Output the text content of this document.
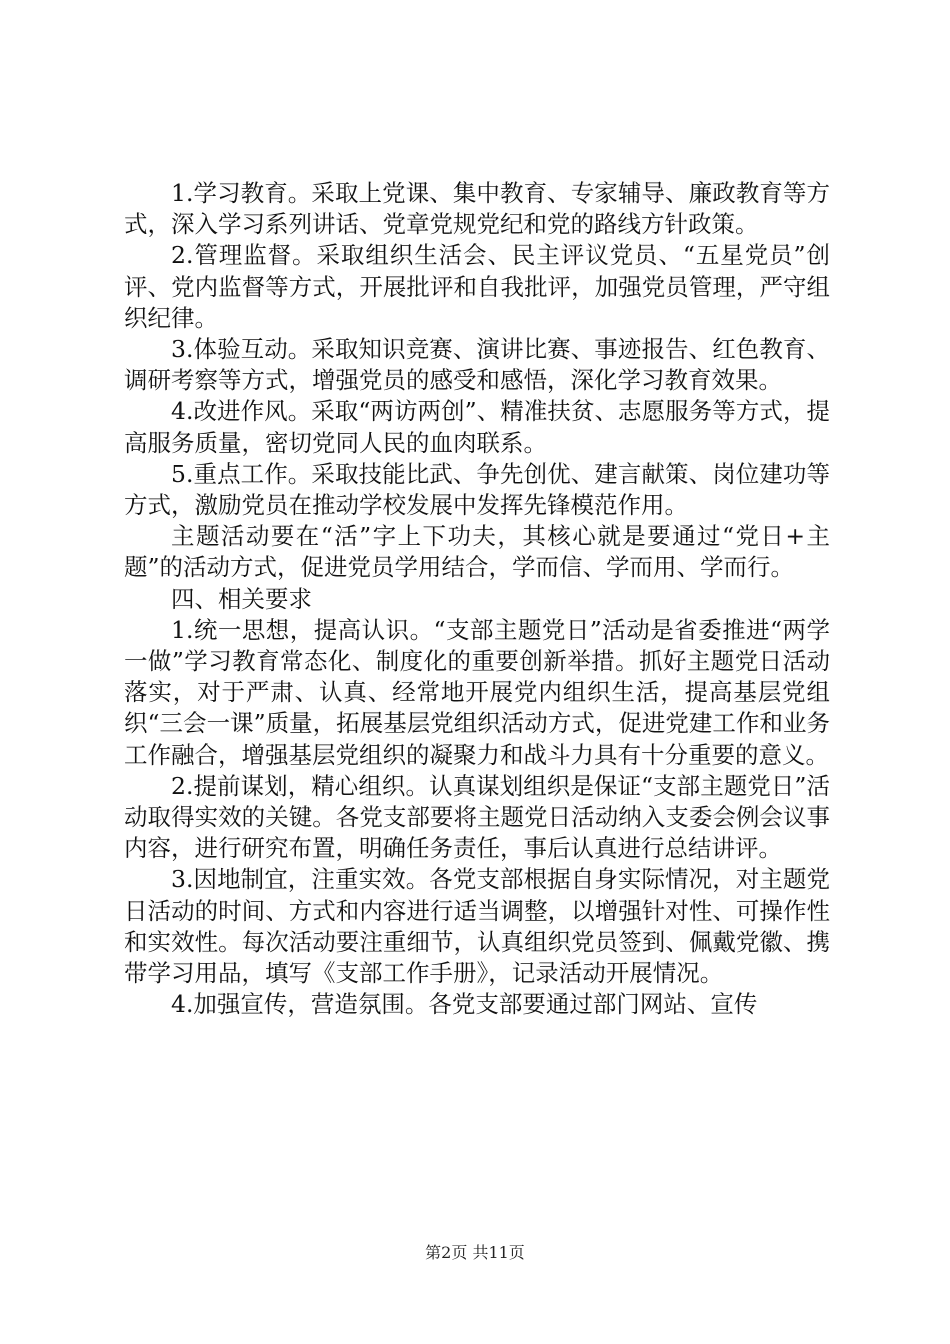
1.学习教育。采取上党课、集中教育、专家辅导、廉政教育等方式，深入学习系列讲话、党章党规党纪和党的路线方针政策。

2.管理监督。采取组织生活会、民主评议党员、“五星党员”创评、党内监督等方式，开展批评和自我批评，加强党员管理，严守组织纪律。

3.体验互动。采取知识竞赛、演讲比赛、事迹报告、红色教育、调研考察等方式，增强党员的感受和感悟，深化学习教育效果。

4.改进作风。采取“两访两创”、精准扶贫、志愿服务等方式，提高服务质量，密切党同人民的血肉联系。

5.重点工作。采取技能比武、争先创优、建言献策、岗位建功等方式，激励党员在推动学校发展中发挥先锋模范作用。

主题活动要在“活”字上下功夫，其核心就是要通过“党日+主题”的活动方式，促进党员学用结合，学而信、学而用、学而行。

四、相关要求

1.统一思想，提高认识。“支部主题党日”活动是省委推进“两学一做”学习教育常态化、制度化的重要创新举措。抓好主题党日活动落实，对于严肃、认真、经常地开展党内组织生活，提高基层党组织“三会一课”质量，拓展基层党组织活动方式，促进党建工作和业务工作融合，增强基层党组织的凝聚力和战斗力具有十分重要的意义。

2.提前谋划，精心组织。认真谋划组织是保证“支部主题党日”活动取得实效的关键。各党支部要将主题党日活动纳入支委会例会议事内容，进行研究布置，明确任务责任，事后认真进行总结讲评。

3.因地制宜，注重实效。各党支部根据自身实际情况，对主题党日活动的时间、方式和内容进行适当调整，以增强针对性、可操作性和实效性。每次活动要注重细节，认真组织党员签到、佩戴党徽、携带学习用品，填写《支部工作手册》，记录活动开展情况。

4.加强宣传，营造氛围。各党支部要通过部门网站、宣传

第2页 共11页
